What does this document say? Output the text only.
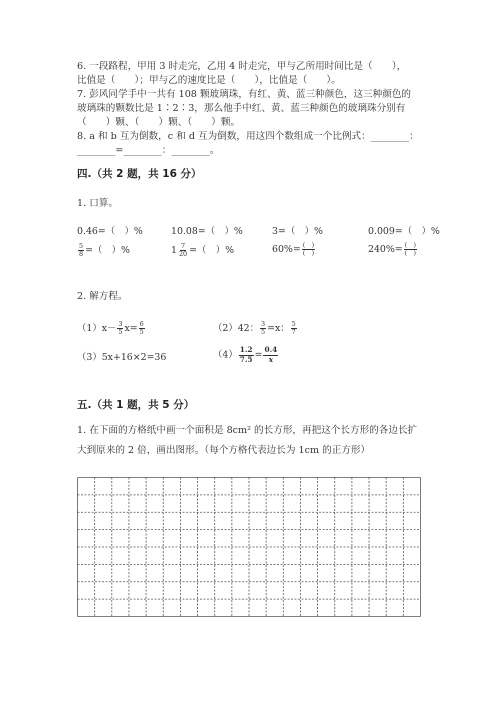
6. 一段路程，甲用 3 时走完，乙用 4 时走完，甲与乙所用时间比是（　　），
比值是（　　）；甲与乙的速度比是（　　），比值是（　　）。
7. 彭风同学手中一共有 108 颗玻璃珠，有红、黄、蓝三种颜色，这三种颜色的
玻璃珠的颗数比是 1∶2∶3，那么他手中红、黄、蓝三种颜色的玻璃珠分别有
（　　）颗、（　　）颗、（　　）颗。
8. a 和 b 互为倒数，c 和 d 互为倒数，用这四个数组成一个比例式：________：
________=________：________。
四.（共 2 题，共 16 分）
1. 口算。
0.46=（　）%	10.08=（　）%	3=（　）%	0.009=（　）%
$\frac{5}{8}$ =（　）%	$1 \frac{7}{20}$ =（　）%	$60\%= \frac{( )}{( )}$	$240\%= \frac{( )}{( )}$
2. 解方程。
$(1)x- \frac{3}{5} x= \frac{6}{5}$	（2）42： $\frac{3}{5} =x$： $\frac{5}{7}$
（3）5x+16×2=36	$(4) \frac{1.2}{7.5} = \frac{0.4}{x}$
五.（共 1 题，共 5 分）
1. 在下面的方格纸中画一个面积是 8cm² 的长方形，再把这个长方形的各边长扩
大到原来的 2 倍，画出图形。（每个方格代表边长为 1cm 的正方形）
